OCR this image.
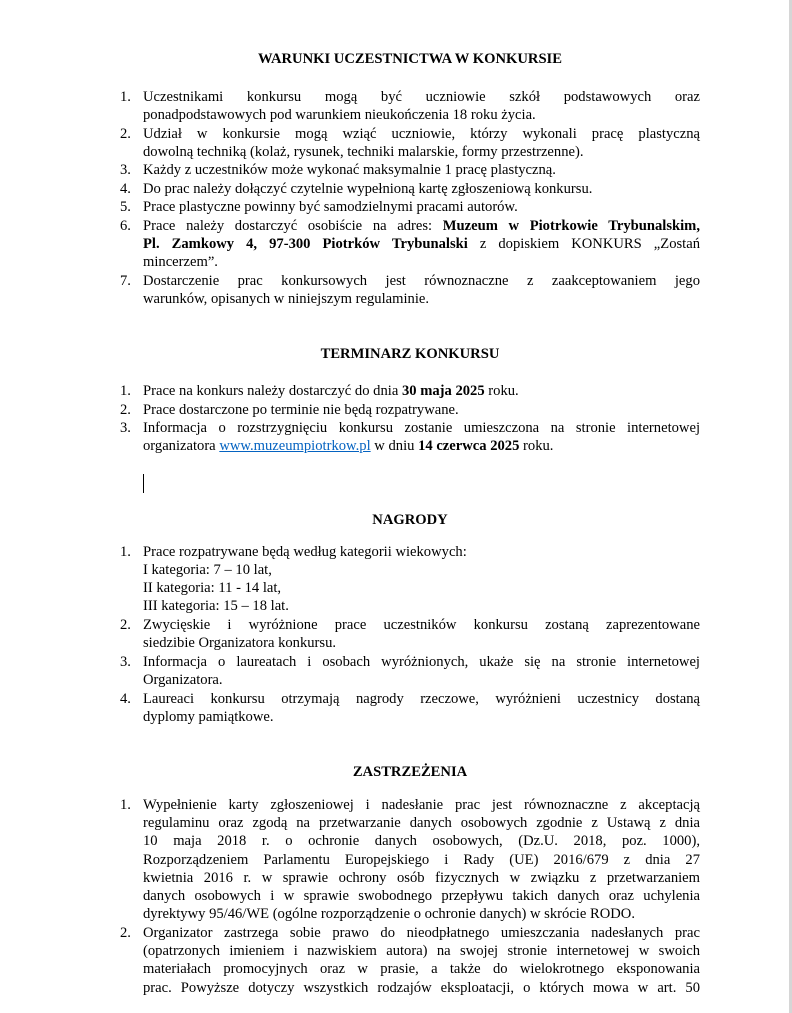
WARUNKI UCZESTNICTWA W KONKURSIE
1. Uczestnikami konkursu mogą być uczniowie szkół podstawowych oraz
ponadpodstawowych pod warunkiem nieukończenia 18 roku życia.
2. Udział w konkursie mogą wziąć uczniowie, którzy wykonali pracę plastyczną
dowolną techniką (kolaż, rysunek, techniki malarskie, formy przestrzenne).
3. Każdy z uczestników może wykonać maksymalnie 1 pracę plastyczną.
4. Do prac należy dołączyć czytelnie wypełnioną kartę zgłoszeniową konkursu.
5. Prace plastyczne powinny być samodzielnymi pracami autorów.
6. Prace należy dostarczyć osobiście na adres: Muzeum w Piotrkowie Trybunalskim,
Pl. Zamkowy 4, 97-300 Piotrków Trybunalski z dopiskiem KONKURS „Zostań
mincerzem”.
7. Dostarczenie prac konkursowych jest równoznaczne z zaakceptowaniem jego
warunków, opisanych w niniejszym regulaminie.
TERMINARZ KONKURSU
1. Prace na konkurs należy dostarczyć do dnia 30 maja 2025 roku.
2. Prace dostarczone po terminie nie będą rozpatrywane.
3. Informacja o rozstrzygnięciu konkursu zostanie umieszczona na stronie internetowej
organizatora www.muzeumpiotrkow.pl w dniu 14 czerwca 2025 roku.
NAGRODY
1. Prace rozpatrywane będą według kategorii wiekowych:
I kategoria: 7 – 10 lat,
II kategoria: 11 - 14 lat,
III kategoria: 15 – 18 lat.
2. Zwycięskie i wyróżnione prace uczestników konkursu zostaną zaprezentowane
siedzibie Organizatora konkursu.
3. Informacja o laureatach i osobach wyróżnionych, ukaże się na stronie internetowej
Organizatora.
4. Laureaci konkursu otrzymają nagrody rzeczowe, wyróżnieni uczestnicy dostaną
dyplomy pamiątkowe.
ZASTRZEŻENIA
1. Wypełnienie karty zgłoszeniowej i nadesłanie prac jest równoznaczne z akceptacją
regulaminu oraz zgodą na przetwarzanie danych osobowych zgodnie z Ustawą z dnia
10 maja 2018 r. o ochronie danych osobowych, (Dz.U. 2018, poz. 1000),
Rozporządzeniem Parlamentu Europejskiego i Rady (UE) 2016/679 z dnia 27
kwietnia 2016 r. w sprawie ochrony osób fizycznych w związku z przetwarzaniem
danych osobowych i w sprawie swobodnego przepływu takich danych oraz uchylenia
dyrektywy 95/46/WE (ogólne rozporządzenie o ochronie danych) w skrócie RODO.
2. Organizator zastrzega sobie prawo do nieodpłatnego umieszczania nadesłanych prac
(opatrzonych imieniem i nazwiskiem autora) na swojej stronie internetowej w swoich
materiałach promocyjnych oraz w prasie, a także do wielokrotnego eksponowania
prac. Powyższe dotyczy wszystkich rodzajów eksploatacji, o których mowa w art. 50
